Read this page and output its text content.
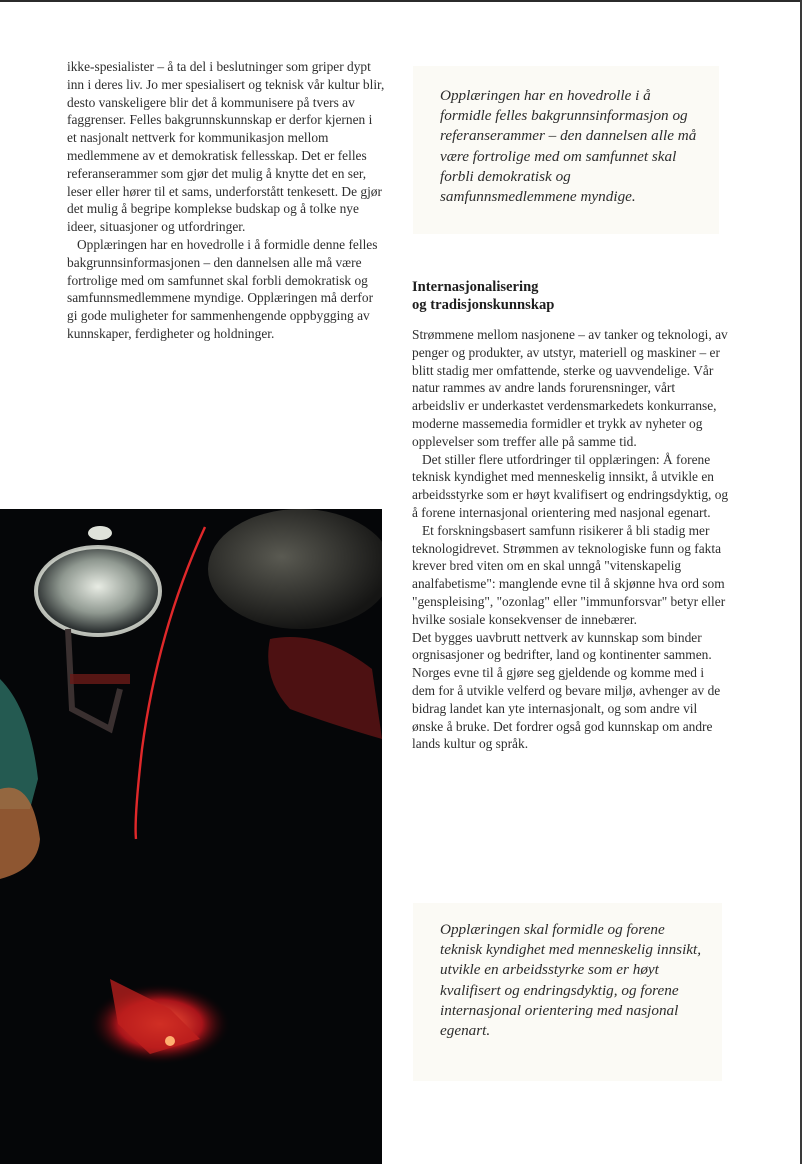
ikke-spesialister – å ta del i beslutninger som griper dypt inn i deres liv. Jo mer spesialisert og teknisk vår kultur blir, desto vanskeligere blir det å kommunisere på tvers av faggrenser. Felles bakgrunnskunnskap er derfor kjernen i et nasjonalt nettverk for kommunikasjon mellom medlemmene av et demokratisk fellesskap. Det er felles referanserammer som gjør det mulig å knytte det en ser, leser eller hører til et sams, underforstått tenkesett. De gjør det mulig å begripe komplekse budskap og å tolke nye ideer, situasjoner og utfordringer.

Opplæringen har en hovedrolle i å formidle denne felles bakgrunnsinformasjonen – den dannelsen alle må være fortrolige med om samfunnet skal forbli demokratisk og samfunnsmedlemmene myndige. Opplæringen må derfor gi gode muligheter for sammenhengende oppbygging av kunnskaper, ferdigheter og holdninger.

Opplæringen har en hovedrolle i å formidle felles bakgrunnsinformasjon og referanserammer – den dannelsen alle må være fortrolige med om samfunnet skal forbli demokratisk og samfunnsmedlemmene myndige.

Internasjonalisering
og tradisjonskunnskap

Strømmene mellom nasjonene – av tanker og teknologi, av penger og produkter, av utstyr, materiell og maskiner – er blitt stadig mer omfattende, sterke og uavvendelige. Vår natur rammes av andre lands forurensninger, vårt arbeidsliv er underkastet verdensmarkedets konkurranse, moderne massemedia formidler et trykk av nyheter og opplevelser som treffer alle på samme tid.

Det stiller flere utfordringer til opplæringen: Å forene teknisk kyndighet med menneskelig innsikt, å utvikle en arbeidsstyrke som er høyt kvalifisert og endringsdyktig, og å forene internasjonal orientering med nasjonal egenart.

Et forskningsbasert samfunn risikerer å bli stadig mer teknologidrevet. Strømmen av teknologiske funn og fakta krever bred viten om en skal unngå "vitenskapelig analfabetisme": manglende evne til å skjønne hva ord som "genspleising", "ozonlag" eller "immunforsvar" betyr eller hvilke sosiale konsekvenser de innebærer.

Det bygges uavbrutt nettverk av kunnskap som binder orgnisasjoner og bedrifter, land og kontinenter sammen. Norges evne til å gjøre seg gjeldende og komme med i dem for å utvikle velferd og bevare miljø, avhenger av de bidrag landet kan yte internasjonalt, og som andre vil ønske å bruke. Det fordrer også god kunnskap om andre lands kultur og språk.

Opplæringen skal formidle og forene teknisk kyndighet med menneskelig innsikt, utvikle en arbeidsstyrke som er høyt kvalifisert og endringsdyktig, og forene internasjonal orientering med nasjonal egenart.
